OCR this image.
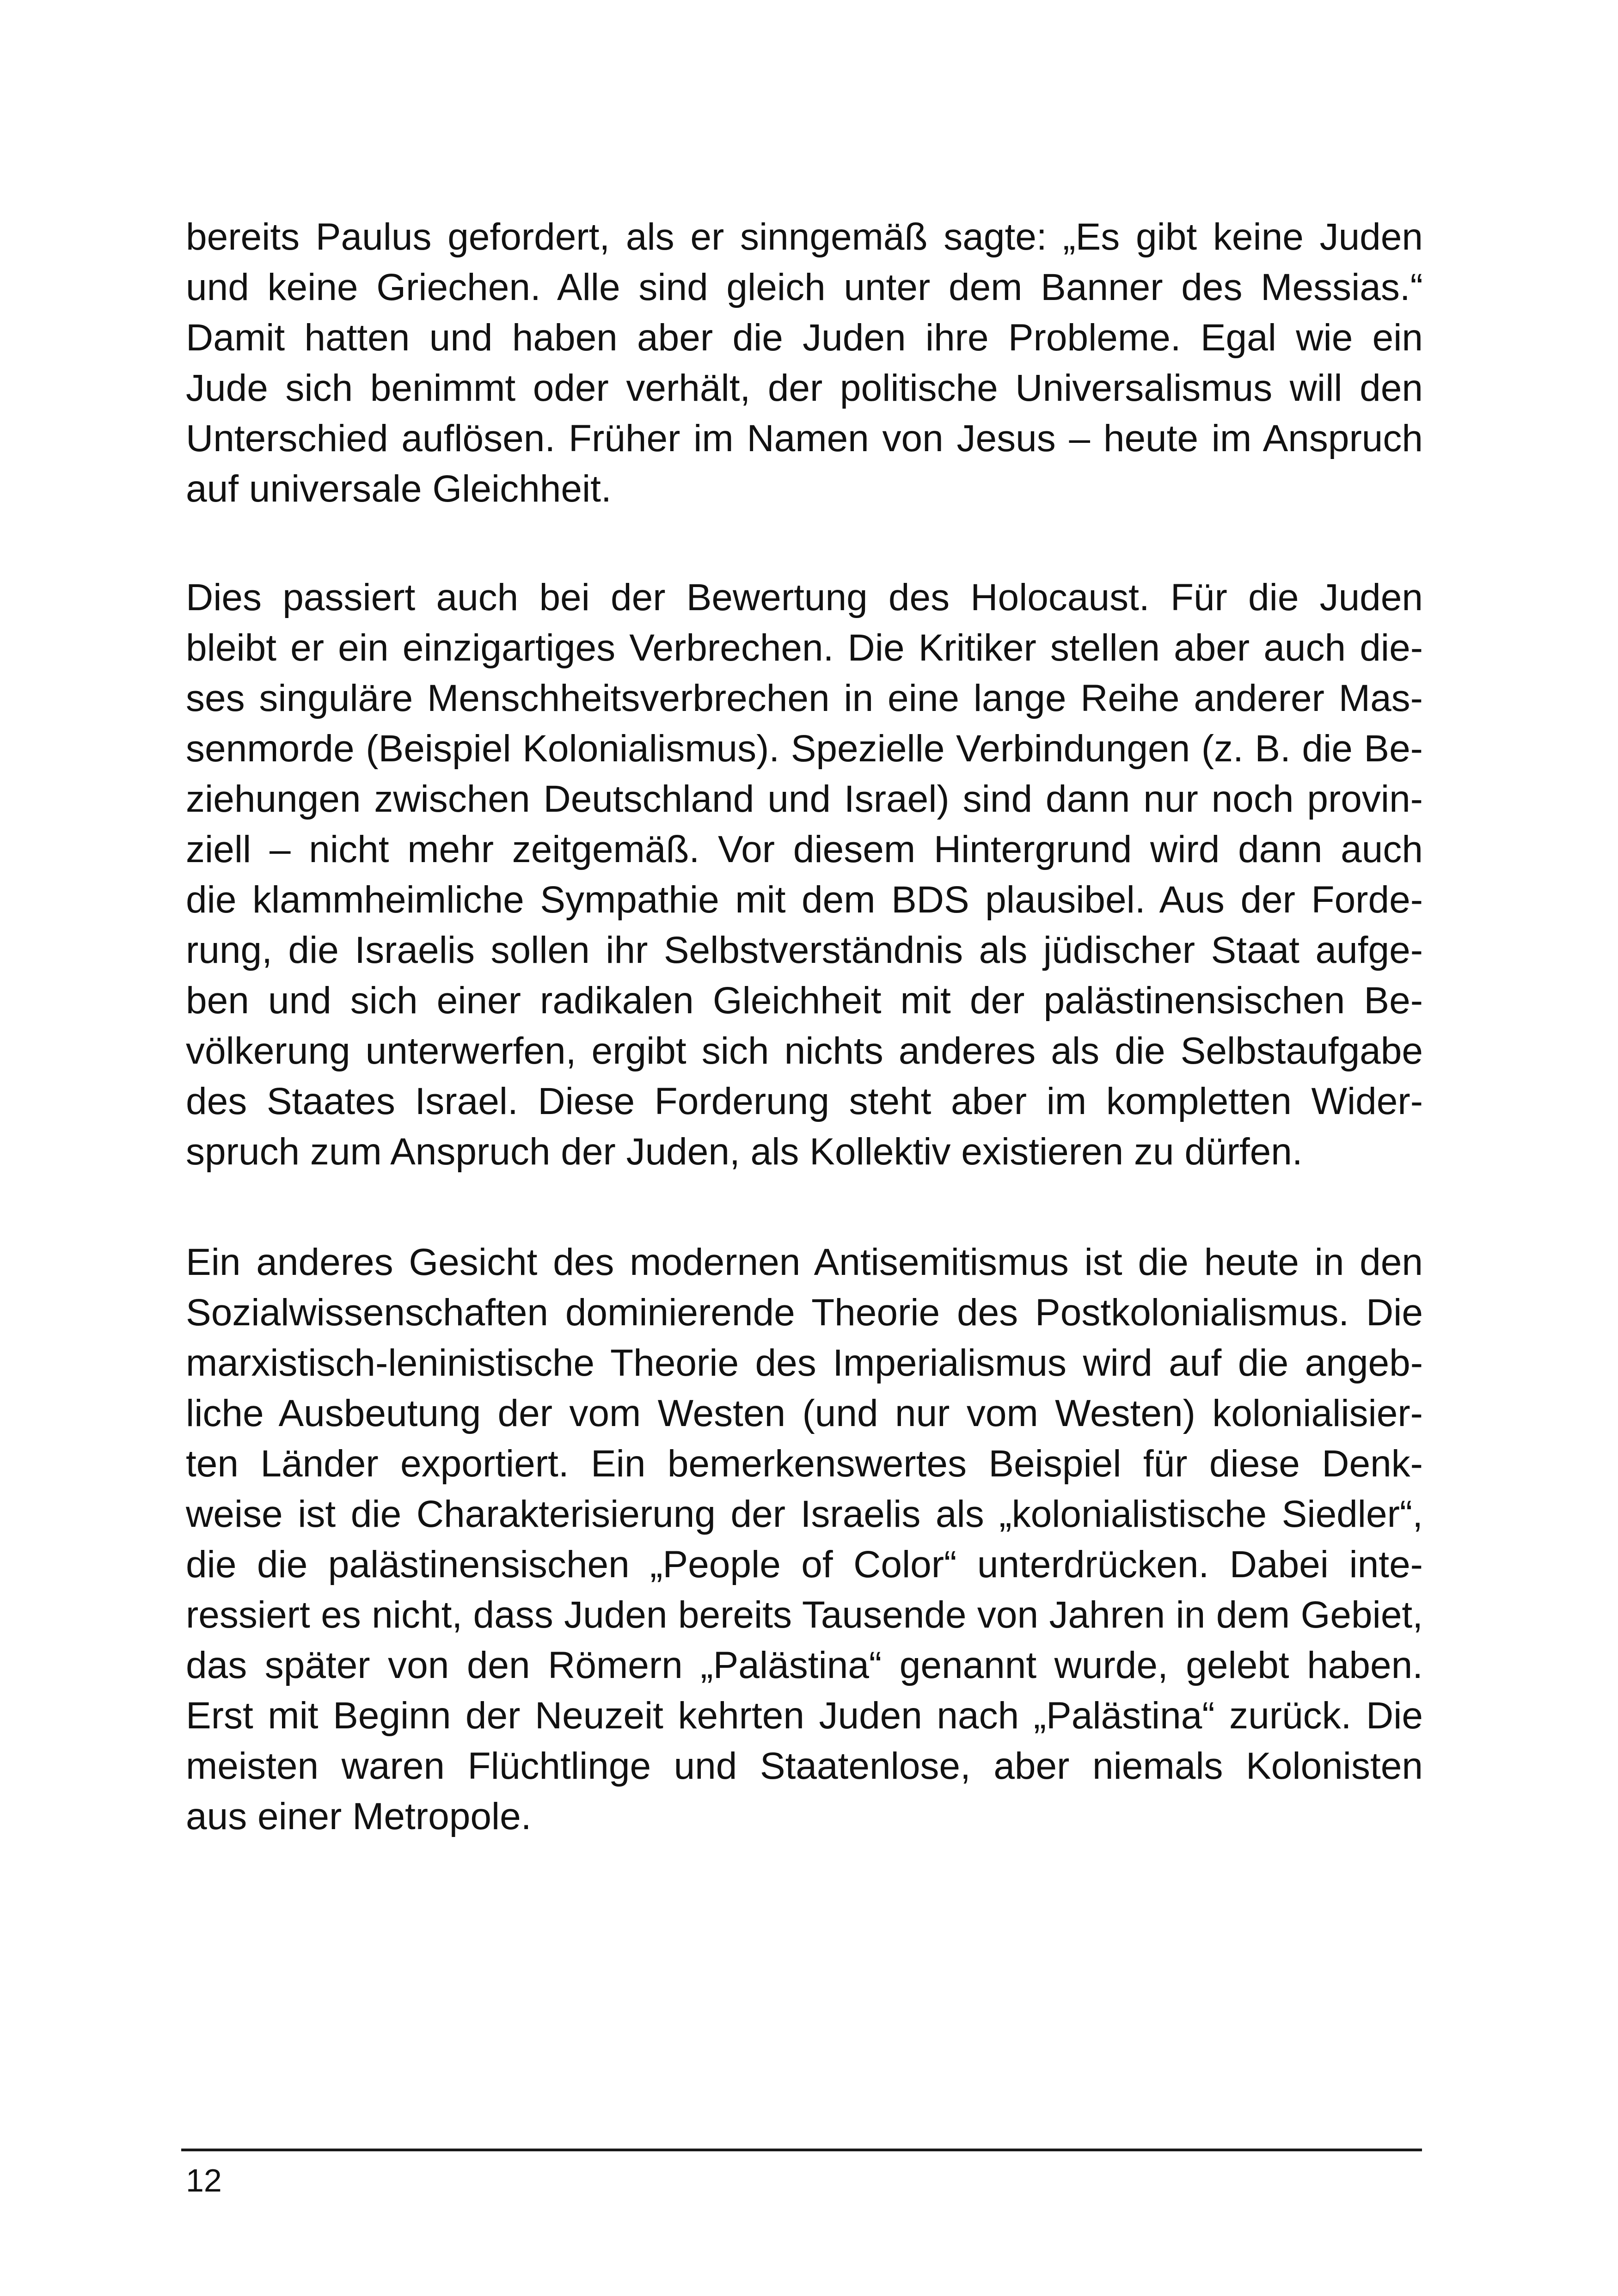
bereits Paulus gefordert, als er sinngemäß sagte: „Es gibt keine Juden
und keine Griechen. Alle sind gleich unter dem Banner des Messias.“
Damit hatten und haben aber die Juden ihre Probleme. Egal wie ein
Jude sich benimmt oder verhält, der politische Universalismus will den
Unterschied auflösen. Früher im Namen von Jesus – heute im Anspruch
auf universale Gleichheit.
Dies passiert auch bei der Bewertung des Holocaust. Für die Juden
bleibt er ein einzigartiges Verbrechen. Die Kritiker stellen aber auch die-
ses singuläre Menschheitsverbrechen in eine lange Reihe anderer Mas-
senmorde (Beispiel Kolonialismus). Spezielle Verbindungen (z. B. die Be-
ziehungen zwischen Deutschland und Israel) sind dann nur noch provin-
ziell – nicht mehr zeitgemäß. Vor diesem Hintergrund wird dann auch
die klammheimliche Sympathie mit dem BDS plausibel. Aus der Forde-
rung, die Israelis sollen ihr Selbstverständnis als jüdischer Staat aufge-
ben und sich einer radikalen Gleichheit mit der palästinensischen Be-
völkerung unterwerfen, ergibt sich nichts anderes als die Selbstaufgabe
des Staates Israel. Diese Forderung steht aber im kompletten Wider-
spruch zum Anspruch der Juden, als Kollektiv existieren zu dürfen.
Ein anderes Gesicht des modernen Antisemitismus ist die heute in den
Sozialwissenschaften dominierende Theorie des Postkolonialismus. Die
marxistisch-leninistische Theorie des Imperialismus wird auf die angeb-
liche Ausbeutung der vom Westen (und nur vom Westen) kolonialisier-
ten Länder exportiert. Ein bemerkenswertes Beispiel für diese Denk-
weise ist die Charakterisierung der Israelis als „kolonialistische Siedler“,
die die palästinensischen „People of Color“ unterdrücken. Dabei inte-
ressiert es nicht, dass Juden bereits Tausende von Jahren in dem Gebiet,
das später von den Römern „Palästina“ genannt wurde, gelebt haben.
Erst mit Beginn der Neuzeit kehrten Juden nach „Palästina“ zurück. Die
meisten waren Flüchtlinge und Staatenlose, aber niemals Kolonisten
aus einer Metropole.
12
